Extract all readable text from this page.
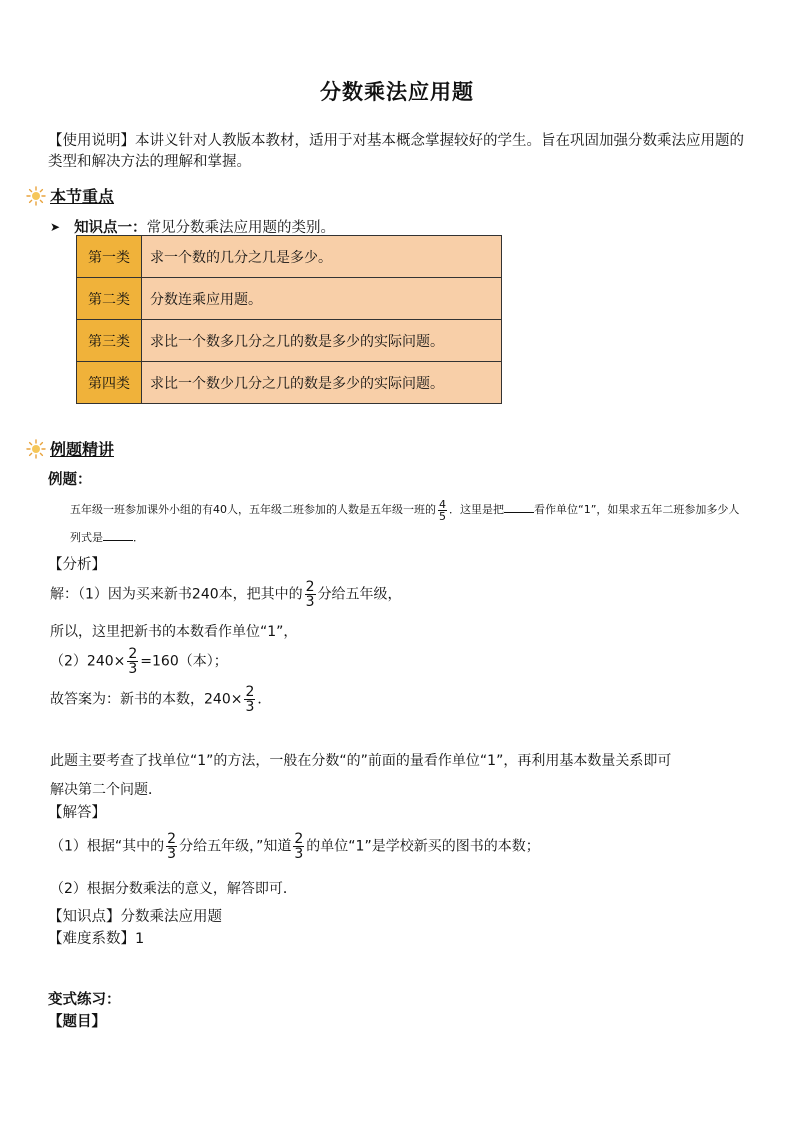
分数乘法应用题
【使用说明】本讲义针对人教版本教材，适用于对基本概念掌握较好的学生。旨在巩固加强分数乘法应用题的类型和解决方法的理解和掌握。
本节重点
➤ 知识点一： 常见分数乘法应用题的类别。
第一类	求一个数的几分之几是多少。
第二类	分数连乘应用题。
第三类	求比一个数多几分之几的数是多少的实际问题。
第四类	求比一个数少几分之几的数是多少的实际问题。
例题精讲
例题：
五年级一班参加课外小组的有40人，五年级二班参加的人数是五年级一班的 $\frac{4}{5}$ ．这里是把	看作单位“1”，如果求五年二班参加多少人列式是	．
【分析】
解：（1）因为买来新书240本，把其中的 $\frac{2}{3}$ 分给五年级，
所以，这里把新书的本数看作单位“1”，
$(2)240\times \frac{2}{3} =160$（本）；
故答案为：新书的本数，$240\times \frac{2}{3}$ ．
此题主要考查了找单位“1”的方法，一般在分数“的”前面的量看作单位“1”，再利用基本数量关系即可
解决第二个问题．
【解答】
（1）根据“其中的 $\frac{2}{3}$ 分给五年级，”知道 $\frac{2}{3}$ 的单位“1”是学校新买的图书的本数；
（2）根据分数乘法的意义，解答即可．
【知识点】分数乘法应用题
【难度系数】1
变式练习：
【题目】
